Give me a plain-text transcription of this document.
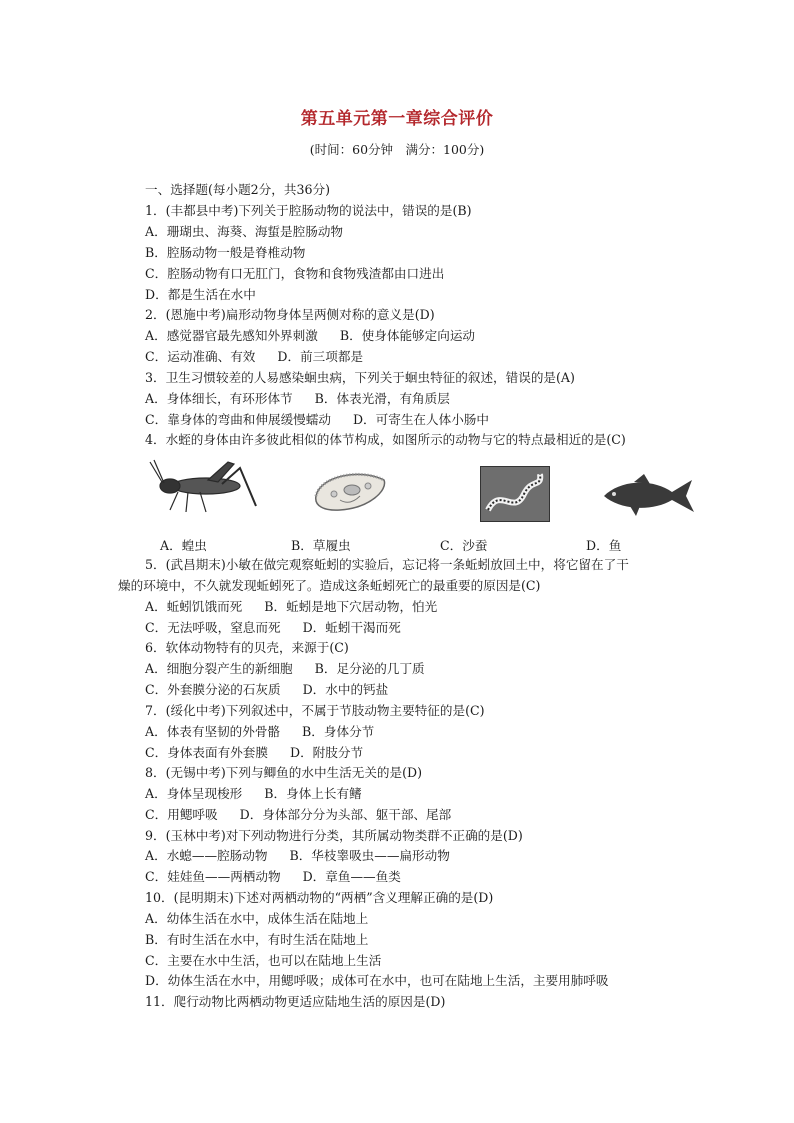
第五单元第一章综合评价
(时间：60分钟　满分：100分)
一、选择题(每小题2分，共36分)
1．(丰都县中考)下列关于腔肠动物的说法中，错误的是(B)
A．珊瑚虫、海葵、海蜇是腔肠动物
B．腔肠动物一般是脊椎动物
C．腔肠动物有口无肛门，食物和食物残渣都由口进出
D．都是生活在水中
2．(恩施中考)扁形动物身体呈两侧对称的意义是(D)
A．感觉器官最先感知外界刺激 B．使身体能够定向运动
C．运动准确、有效 D．前三项都是
3．卫生习惯较差的人易感染蛔虫病，下列关于蛔虫特征的叙述，错误的是(A)
A．身体细长，有环形体节 B．体表光滑，有角质层
C．靠身体的弯曲和伸展缓慢蠕动 D．可寄生在人体小肠中
4．水蛭的身体由许多彼此相似的体节构成，如图所示的动物与它的特点最相近的是(C)
A．蝗虫	B．草履虫	C．沙蚕	D．鱼
5．(武昌期末)小敏在做完观察蚯蚓的实验后，忘记将一条蚯蚓放回土中，将它留在了干
燥的环境中，不久就发现蚯蚓死了。造成这条蚯蚓死亡的最重要的原因是(C)
A．蚯蚓饥饿而死 B．蚯蚓是地下穴居动物，怕光
C．无法呼吸，窒息而死 D．蚯蚓干渴而死
6．软体动物特有的贝壳，来源于(C)
A．细胞分裂产生的新细胞 B．足分泌的几丁质
C．外套膜分泌的石灰质 D．水中的钙盐
7．(绥化中考)下列叙述中，不属于节肢动物主要特征的是(C)
A．体表有坚韧的外骨骼 B．身体分节
C．身体表面有外套膜 D．附肢分节
8．(无锡中考)下列与鲫鱼的水中生活无关的是(D)
A．身体呈现梭形 B．身体上长有鳍
C．用鳃呼吸 D．身体部分分为头部、躯干部、尾部
9．(玉林中考)对下列动物进行分类，其所属动物类群不正确的是(D)
A．水螅——腔肠动物 B．华枝睾吸虫——扁形动物
C．娃娃鱼——两栖动物 D．章鱼——鱼类
10．(昆明期末)下述对两栖动物的“两栖”含义理解正确的是(D)
A．幼体生活在水中，成体生活在陆地上
B．有时生活在水中，有时生活在陆地上
C．主要在水中生活，也可以在陆地上生活
D．幼体生活在水中，用鳃呼吸；成体可在水中，也可在陆地上生活，主要用肺呼吸
11．爬行动物比两栖动物更适应陆地生活的原因是(D)
